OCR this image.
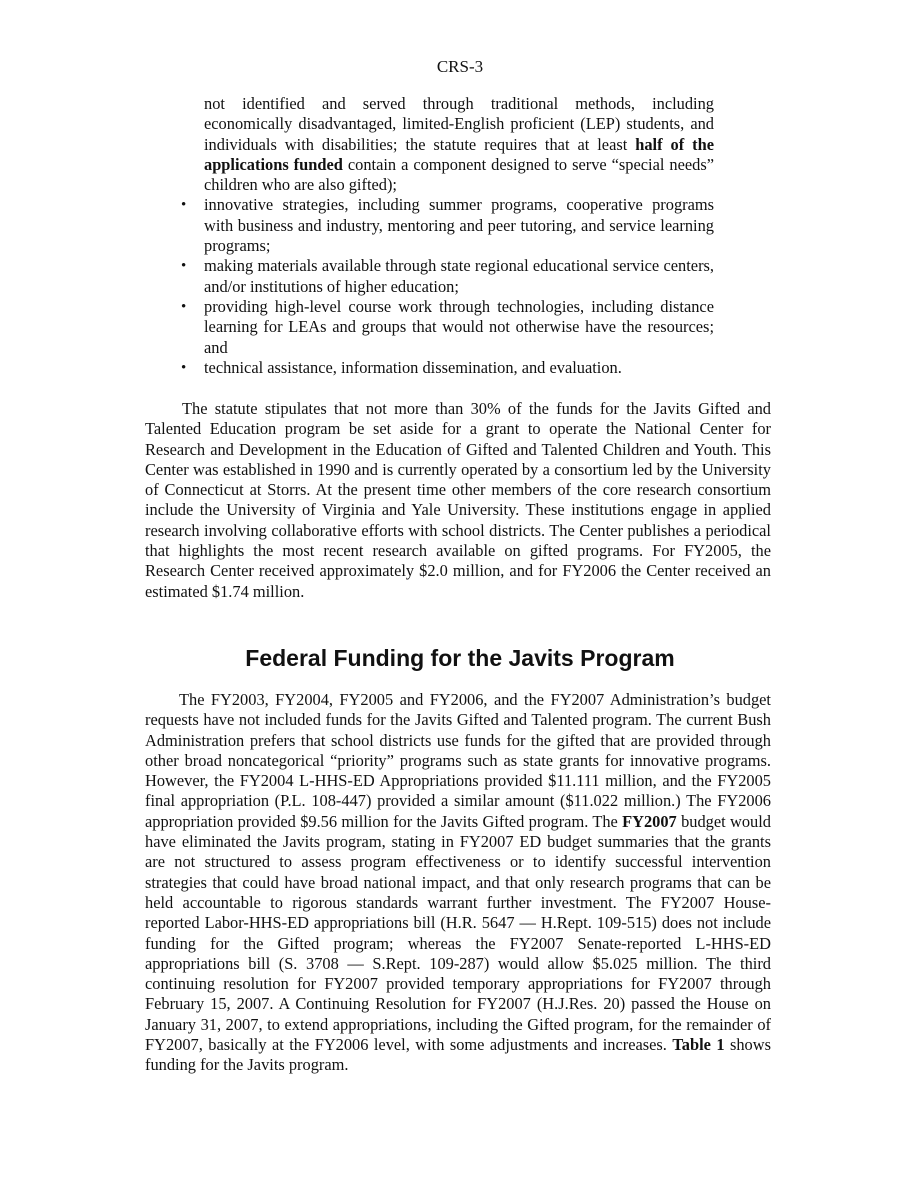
CRS-3
not identified and served through traditional methods, including economically disadvantaged, limited-English proficient (LEP) students, and individuals with disabilities; the statute requires that at least half of the applications funded contain a component designed to serve “special needs” children who are also gifted);
• innovative strategies, including summer programs, cooperative programs with business and industry, mentoring and peer tutoring, and service learning programs;
• making materials available through state regional educational service centers, and/or institutions of higher education;
• providing high-level course work through technologies, including distance learning for LEAs and groups that would not otherwise have the resources; and
• technical assistance, information dissemination, and evaluation.

The statute stipulates that not more than 30% of the funds for the Javits Gifted and Talented Education program be set aside for a grant to operate the National Center for Research and Development in the Education of Gifted and Talented Children and Youth. This Center was established in 1990 and is currently operated by a consortium led by the University of Connecticut at Storrs. At the present time other members of the core research consortium include the University of Virginia and Yale University. These institutions engage in applied research involving collaborative efforts with school districts. The Center publishes a periodical that highlights the most recent research available on gifted programs. For FY2005, the Research Center received approximately $2.0 million, and for FY2006 the Center received an estimated $1.74 million.

Federal Funding for the Javits Program

The FY2003, FY2004, FY2005 and FY2006, and the FY2007 Administration’s budget requests have not included funds for the Javits Gifted and Talented program. The current Bush Administration prefers that school districts use funds for the gifted that are provided through other broad noncategorical “priority” programs such as state grants for innovative programs. However, the FY2004 L-HHS-ED Appropriations provided $11.111 million, and the FY2005 final appropriation (P.L. 108-447) provided a similar amount ($11.022 million.) The FY2006 appropriation provided $9.56 million for the Javits Gifted program. The FY2007 budget would have eliminated the Javits program, stating in FY2007 ED budget summaries that the grants are not structured to assess program effectiveness or to identify successful intervention strategies that could have broad national impact, and that only research programs that can be held accountable to rigorous standards warrant further investment. The FY2007 House-reported Labor-HHS-ED appropriations bill (H.R. 5647 — H.Rept. 109-515) does not include funding for the Gifted program; whereas the FY2007 Senate-reported L-HHS-ED appropriations bill (S. 3708 — S.Rept. 109-287) would allow $5.025 million. The third continuing resolution for FY2007 provided temporary appropriations for FY2007 through February 15, 2007. A Continuing Resolution for FY2007 (H.J.Res. 20) passed the House on January 31, 2007, to extend appropriations, including the Gifted program, for the remainder of FY2007, basically at the FY2006 level, with some adjustments and increases. Table 1 shows funding for the Javits program.
